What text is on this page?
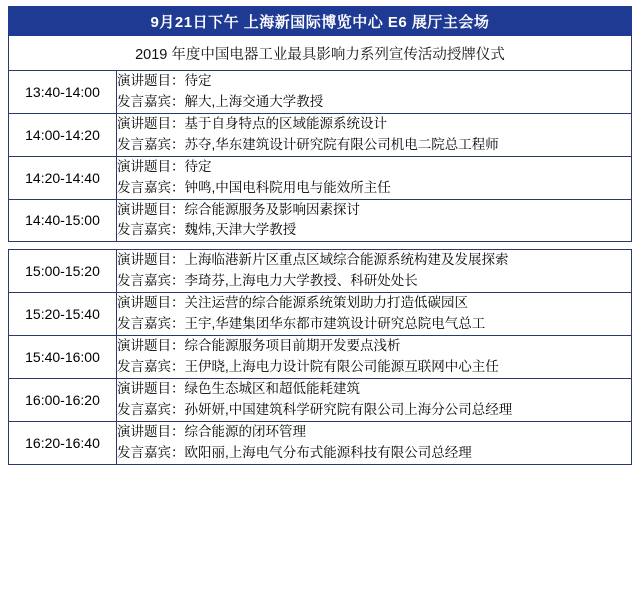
9月21日下午 上海新国际博览中心 E6 展厅主会场	
2019 年度中国电器工业最具影响力系列宣传活动授牌仪式	
13:40-14:00	演讲题目： 待定
发言嘉宾： 解大,上海交通大学教授

14:00-14:20	演讲题目： 基于自身特点的区域能源系统设计
发言嘉宾： 苏夺,华东建筑设计研究院有限公司机电二院总工程师

14:20-14:40	演讲题目： 待定
发言嘉宾： 钟鸣,中国电科院用电与能效所主任

14:40-15:00	演讲题目： 综合能源服务及影响因素探讨
发言嘉宾： 魏炜,天津大学教授
15:00-15:20	演讲题目： 上海临港新片区重点区域综合能源系统构建及发展探索
发言嘉宾： 李琦芬,上海电力大学教授、科研处处长

15:20-15:40	演讲题目： 关注运营的综合能源系统策划助力打造低碳园区
发言嘉宾： 王宇,华建集团华东都市建筑设计研究总院电气总工

15:40-16:00	演讲题目： 综合能源服务项目前期开发要点浅析
发言嘉宾： 王伊晓,上海电力设计院有限公司能源互联网中心主任

16:00-16:20	演讲题目： 绿色生态城区和超低能耗建筑
发言嘉宾： 孙妍妍,中国建筑科学研究院有限公司上海分公司总经理

16:20-16:40	演讲题目： 综合能源的闭环管理
发言嘉宾： 欧阳丽,上海电气分布式能源科技有限公司总经理
